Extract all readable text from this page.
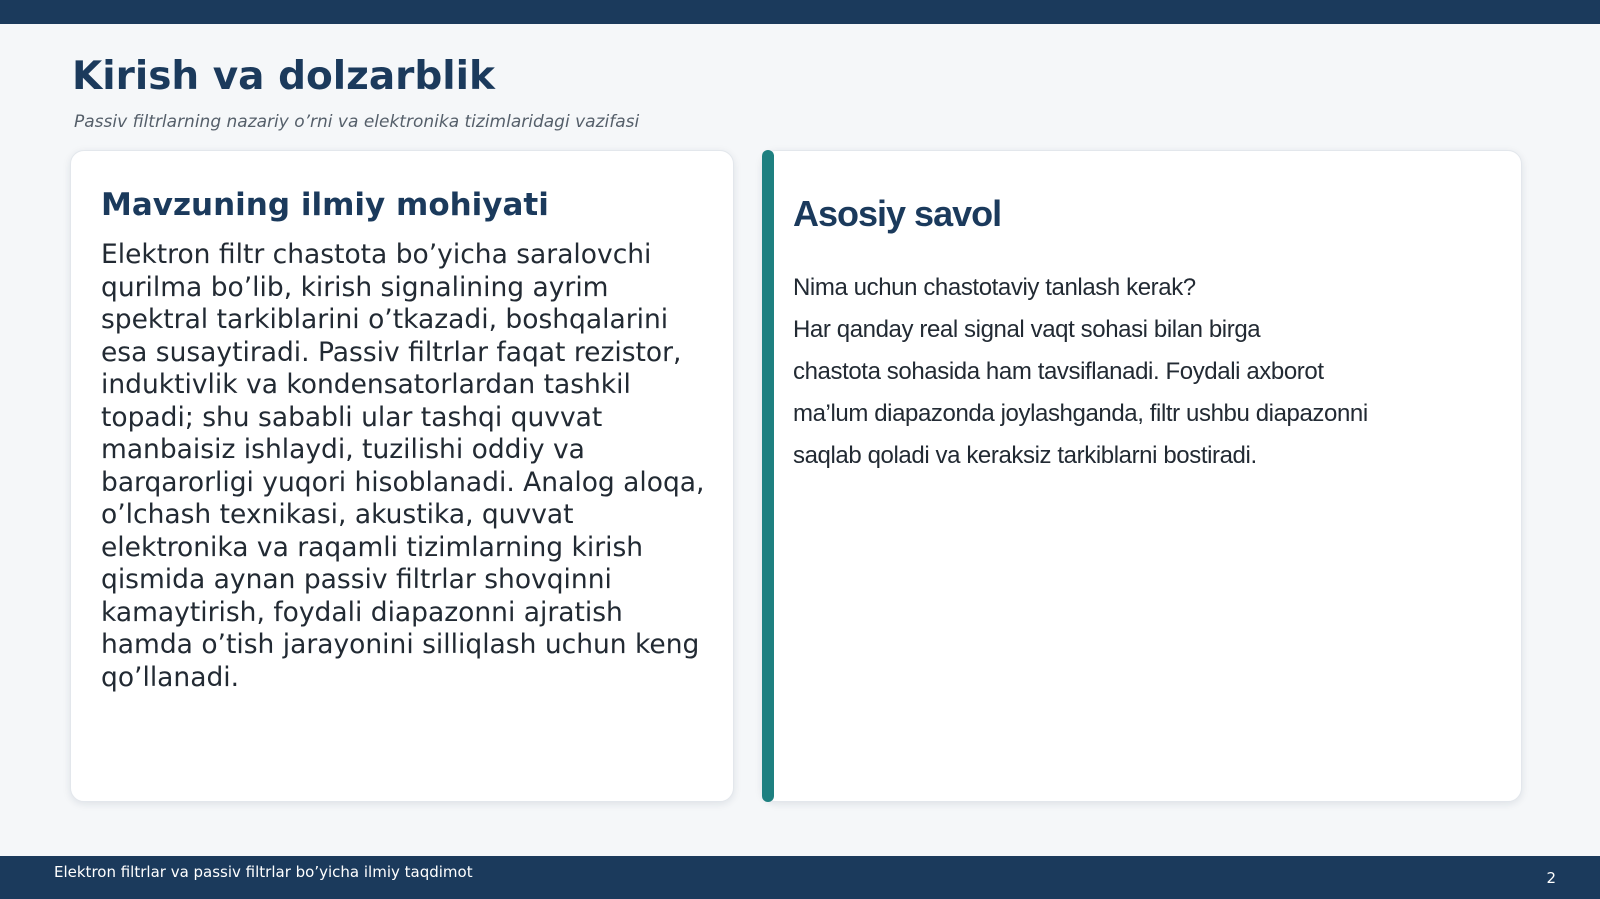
Kirish va dolzarblik

Passiv filtrlarning nazariy o’rni va elektronika tizimlaridagi vazifasi

Mavzuning ilmiy mohiyati

Elektron filtr chastota bo’yicha saralovchi qurilma bo’lib, kirish signalining ayrim spektral tarkiblarini o’tkazadi, boshqalarini esa susaytiradi. Passiv filtrlar faqat rezistor, induktivlik va kondensatorlardan tashkil topadi; shu sababli ular tashqi quvvat manbaisiz ishlaydi, tuzilishi oddiy va barqarorligi yuqori hisoblanadi. Analog aloqa, o’lchash texnikasi, akustika, quvvat elektronika va raqamli tizimlarning kirish qismida aynan passiv filtrlar shovqinni kamaytirish, foydali diapazonni ajratish hamda o’tish jarayonini silliqlash uchun keng qo’llanadi.

Asosiy savol
Nima uchun chastotaviy tanlash kerak?
Har qanday real signal vaqt sohasi bilan birga
chastota sohasida ham tavsiflanadi. Foydali axborot
ma’lum diapazonda joylashganda, filtr ushbu diapazonni
saqlab qoladi va keraksiz tarkiblarni bostiradi.

Elektron filtrlar va passiv filtrlar bo’yicha ilmiy taqdimot	2
